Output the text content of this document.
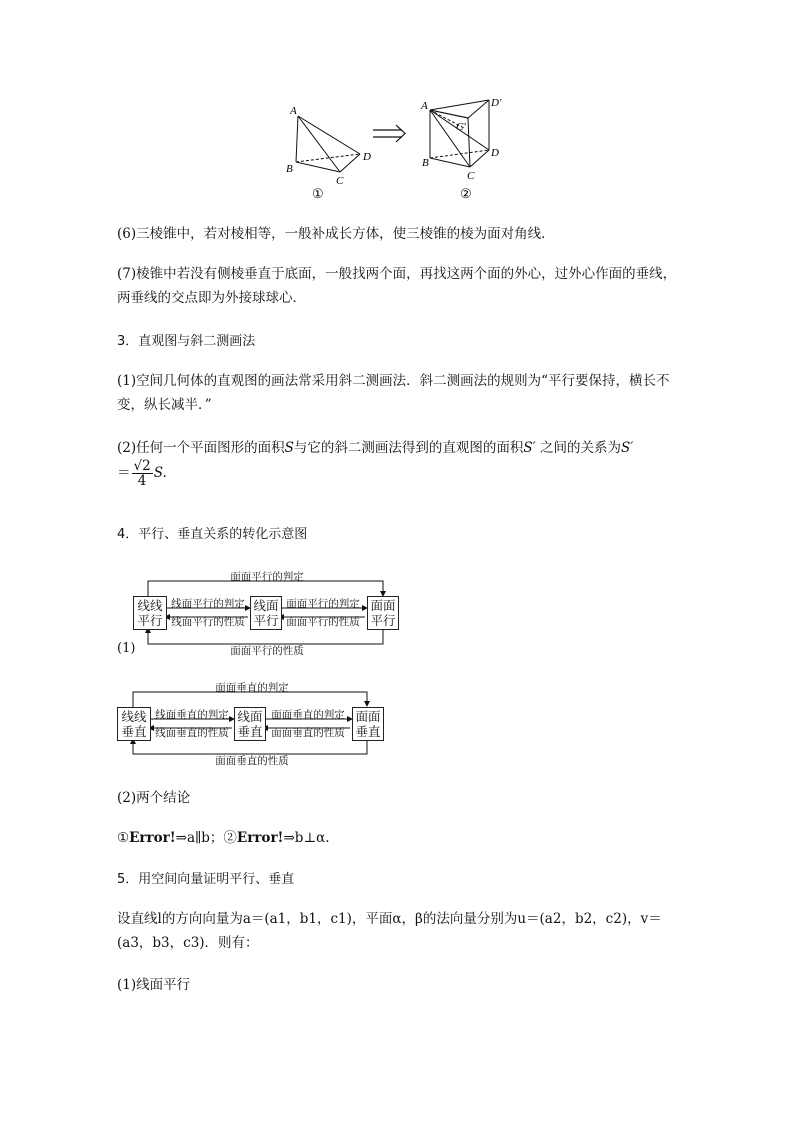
A
B
C
D
①
A	D′
C′
B
C
D
②
(6)三棱锥中，若对棱相等，一般补成长方体，使三棱锥的棱为面对角线．
(7)棱锥中若没有侧棱垂直于底面，一般找两个面，再找这两个面的外心，过外心作面的垂线，两垂线的交点即为外接球球心．
3．直观图与斜二测画法
(1)空间几何体的直观图的画法常采用斜二测画法．斜二测画法的规则为“平行要保持，横长不变，纵长减半．”
(2)任何一个平面图形的面积S与它的斜二测画法得到的直观图的面积S′ 之间的关系为S′
＝ $\frac{√2}{4} S$.
4．平行、垂直关系的转化示意图
面面平行的判定
面面平行的性质
线面平行的判定
线面平行的性质
面面平行的判定
面面平行的性质
线线
平行
线面
平行
面面
平行
(1)
面面垂直的判定
面面垂直的性质
线面垂直的判定
线面垂直的性质
面面垂直的判定
面面垂直的性质
线线
垂直
线面
垂直
面面
垂直
(2)两个结论
①Error!⇒a∥b；②Error!⇒b⊥α.
5．用空间向量证明平行、垂直
设直线l的方向向量为a＝(a1，b1，c1)，平面α，β的法向量分别为u＝(a2，b2，c2)，v＝(a3，b3，c3)．则有：
(1)线面平行
